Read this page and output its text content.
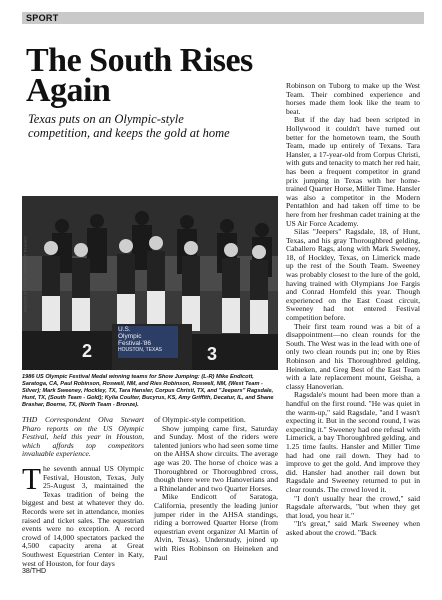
SPORT
The South Rises Again
Texas puts on an Olympic-style competition, and keeps the gold at home
U.S.
Olympic
Festival-'86
HOUSTON, TEXAS
2	3
PHOTO BY OLVA STEWART PHARO
1986 US Olympic Festival Medal winning teams for Show Jumping: (L-R) Mike Endicott, Saratoga, CA, Paul Robinson, Roswell, NM, and Ries Robinson, Roswell, NM, (West Team - Silver); Mark Sweeney, Hockley, TX, Tara Hansler, Corpus Christi, TX, and "Jeepers" Ragsdale, Hunt, TX, (South Team - Gold); Kylia Coulter, Bucyrus, KS, Amy Griffith, Decatur, IL, and Shane Brashar, Boerne, TX, (North Team - Bronze).

THD Correspondent Olva Stewart Pharo reports on the US Olympic Festival, held this year in Houston, which affords top competitors invaluable experience.

The seventh annual US Olympic Festival, Houston, Texas, July 25-August 3, maintained the Texas tradition of being the biggest and best at whatever they do. Records were set in attendance, monies raised and ticket sales. The equestrian events were no exception. A record crowd of 14,000 spectators packed the 4,500 capacity arena at Great Southwest Equestrian Center in Katy, west of Houston, for four days

of Olympic-style competition.

Show jumping came first, Saturday and Sunday. Most of the riders were talented juniors who had seen some time on the AHSA show circuits. The average age was 20. The horse of choice was a Thoroughbred or Thoroughbred cross, though there were two Hanoverians and a Rhinelander and two Quarter Horses.

Mike Endicott of Saratoga, California, presently the leading junior jumper rider in the AHSA standings, riding a borrowed Quarter Horse (from equestrian event organizer Al Martin of Alvin, Texas). Understudy, joined up with Ries Robinson on Heineken and Paul

Robinson on Tuborg to make up the West Team. Their combined experience and horses made them look like the team to beat.

But if the day had been scripted in Hollywood it couldn't have turned out better for the hometown team, the South Team, made up entirely of Texans. Tara Hansler, a 17-year-old from Corpus Christi, with guts and tenacity to match her red hair, has been a frequent competitor in grand prix jumping in Texas with her home-trained Quarter Horse, Miller Time. Hansler was also a competitor in the Modern Pentathlon and had taken off time to be here from her freshman cadet training at the US Air Force Academy.

Silas "Jeepers" Ragsdale, 18, of Hunt, Texas, and his gray Thoroughbred gelding, Caballero Rags, along with Mark Sweeney, 18, of Hockley, Texas, on Limerick made up the rest of the South Team. Sweeney was probably closest to the lure of the gold, having trained with Olympians Joe Fargis and Conrad Homfeld this year. Though experienced on the East Coast circuit, Sweeney had not entered Festival competition before.

Their first team round was a bit of a disappointment—no clean rounds for the South. The West was in the lead with one of only two clean rounds put in; one by Ries Robinson and his Thoroughbred gelding, Heineken, and Greg Best of the East Team with a late replacement mount, Geisha, a classy Hanoverian.

Ragsdale's mount had been more than a handful on the first round. "He was quiet in the warm-up," said Ragsdale, "and I wasn't expecting it. But in the second round, I was expecting it." Sweeney had one refusal with Limerick, a bay Thoroughbred gelding, and 1.25 time faults. Hansler and Miller Time had had one rail down. They had to improve to get the gold. And improve they did. Hansler had another rail down but Ragsdale and Sweeney returned to put in clear rounds. The crowd loved it.

"I don't usually hear the crowd," said Ragsdale afterwards, "but when they get that loud, you hear it."

"It's great," said Mark Sweeney when asked about the crowd. "Back

38/THD
